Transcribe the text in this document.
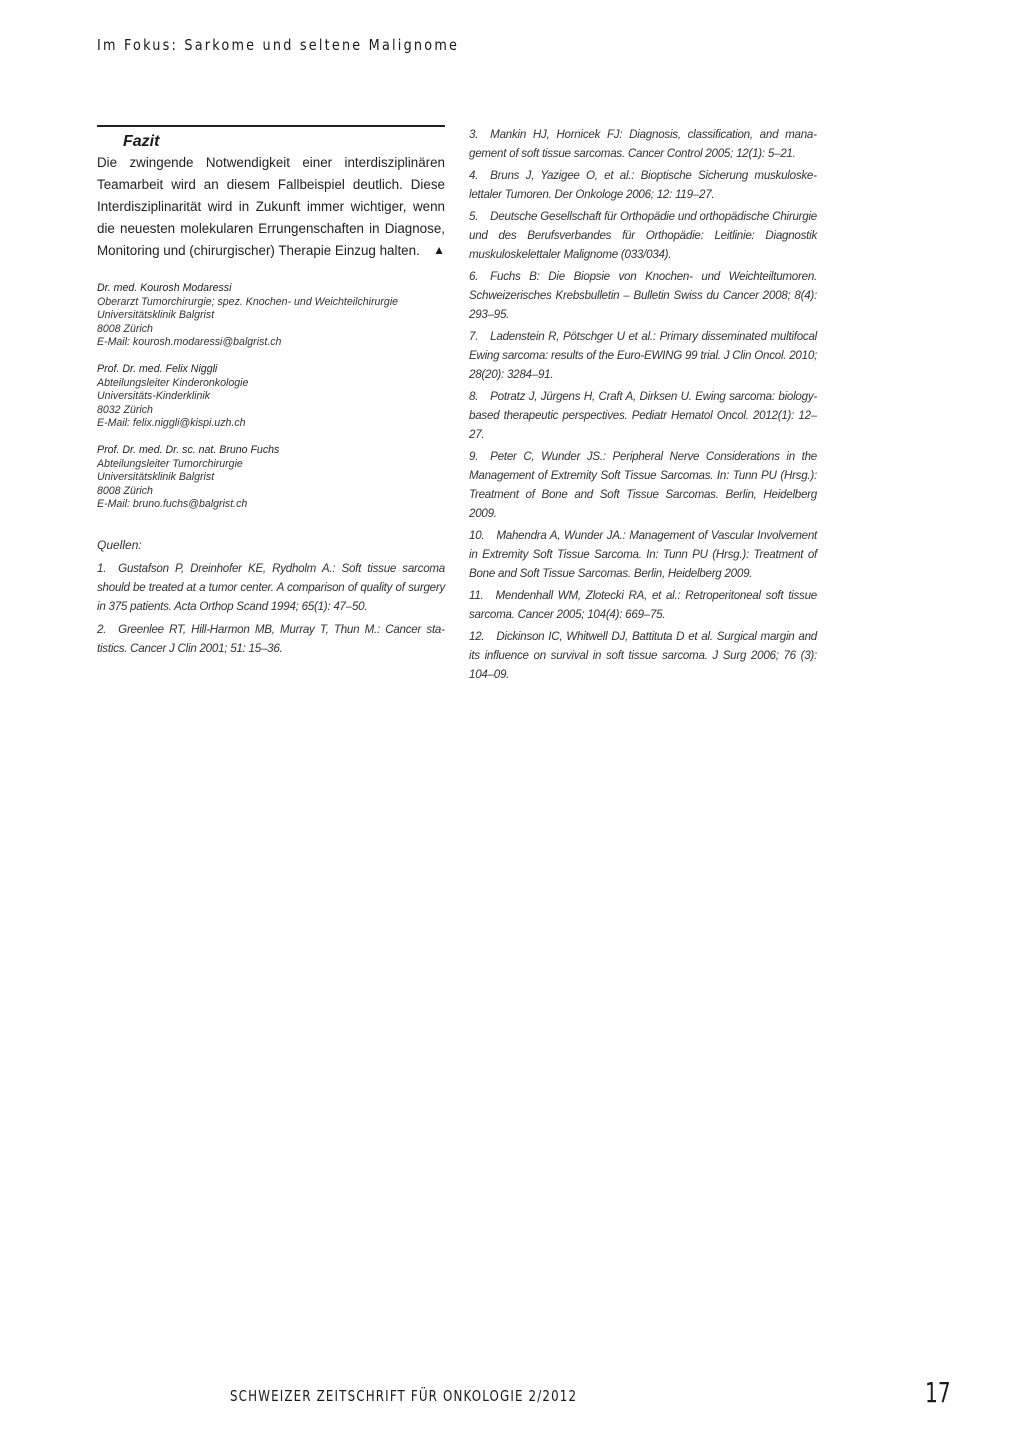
Im Fokus: Sarkome und seltene Malignome
Fazit
Die zwingende Notwendigkeit einer interdisziplinären Teamarbeit wird an diesem Fallbeispiel deutlich. Diese Interdisziplinarität wird in Zukunft immer wichtiger, wenn die neuesten molekularen Errungenschaften in Diagnose, Monitoring und (chirurgischer) Therapie Einzug halten. ▲
Dr. med. Kourosh Modaressi
Oberarzt Tumorchirurgie; spez. Knochen- und Weichteilchirurgie
Universitätsklinik Balgrist
8008 Zürich
E-Mail: kourosh.modaressi@balgrist.ch
Prof. Dr. med. Felix Niggli
Abteilungsleiter Kinderonkologie
Universitäts-Kinderklinik
8032 Zürich
E-Mail: felix.niggli@kispi.uzh.ch
Prof. Dr. med. Dr. sc. nat. Bruno Fuchs
Abteilungsleiter Tumorchirurgie
Universitätsklinik Balgrist
8008 Zürich
E-Mail: bruno.fuchs@balgrist.ch
Quellen:
1. Gustafson P, Dreinhofer KE, Rydholm A.: Soft tissue sarcoma should be treated at a tumor center. A comparison of quality of surgery in 375 patients. Acta Orthop Scand 1994; 65(1): 47–50.
2. Greenlee RT, Hill-Harmon MB, Murray T, Thun M.: Cancer statistics. Cancer J Clin 2001; 51: 15–36.
3. Mankin HJ, Hornicek FJ: Diagnosis, classification, and management of soft tissue sarcomas. Cancer Control 2005; 12(1): 5–21.
4. Bruns J, Yazigee O, et al.: Bioptische Sicherung muskuloskelettaler Tumoren. Der Onkologe 2006; 12: 119–27.
5. Deutsche Gesellschaft für Orthopädie und orthopädische Chirurgie und des Berufsverbandes für Orthopädie: Leitlinie: Diagnostik muskuloskelettaler Malignome (033/034).
6. Fuchs B: Die Biopsie von Knochen- und Weichteiltumoren. Schweizerisches Krebsbulletin – Bulletin Swiss du Cancer 2008; 8(4): 293–95.
7. Ladenstein R, Pötschger U et al.: Primary disseminated multifocal Ewing sarcoma: results of the Euro-EWING 99 trial. J Clin Oncol. 2010; 28(20): 3284–91.
8. Potratz J, Jürgens H, Craft A, Dirksen U. Ewing sarcoma: biology-based therapeutic perspectives. Pediatr Hematol Oncol. 2012(1): 12–27.
9. Peter C, Wunder JS.: Peripheral Nerve Considerations in the Management of Extremity Soft Tissue Sarcomas. In: Tunn PU (Hrsg.): Treatment of Bone and Soft Tissue Sarcomas. Berlin, Heidelberg 2009.
10. Mahendra A, Wunder JA.: Management of Vascular Involvement in Extremity Soft Tissue Sarcoma. In: Tunn PU (Hrsg.): Treatment of Bone and Soft Tissue Sarcomas. Berlin, Heidelberg 2009.
11. Mendenhall WM, Zlotecki RA, et al.: Retroperitoneal soft tissue sarcoma. Cancer 2005; 104(4): 669–75.
12. Dickinson IC, Whitwell DJ, Battituta D et al. Surgical margin and its influence on survival in soft tissue sarcoma. J Surg 2006; 76 (3): 104–09.
SCHWEIZER ZEITSCHRIFT FÜR ONKOLOGIE 2/2012	17
